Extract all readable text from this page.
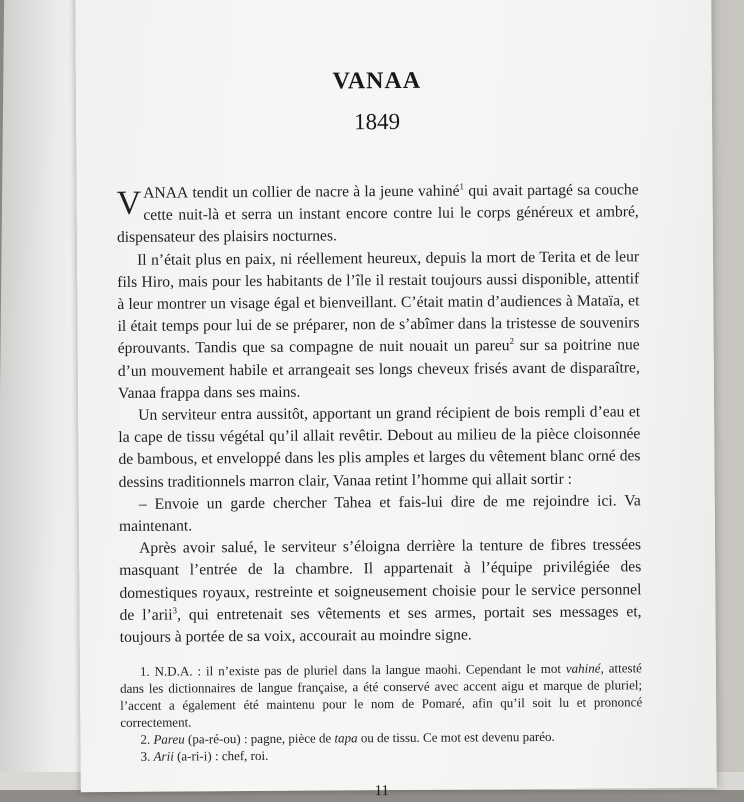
VANAA
1849

VANAA tendit un collier de nacre à la jeune vahiné$^1$ qui avait partagé sa couche cette nuit-là et serra un instant encore contre lui le corps généreux et ambré, dispensateur des plaisirs nocturnes.

Il n’était plus en paix, ni réellement heureux, depuis la mort de Terita et de leur fils Hiro, mais pour les habitants de l’île il restait toujours aussi disponible, attentif à leur montrer un visage égal et bienveillant. C’était matin d’audiences à Mataïa, et il était temps pour lui de se préparer, non de s’abîmer dans la tristesse de souvenirs éprouvants. Tandis que sa compagne de nuit nouait un pareu$^2$ sur sa poitrine nue d’un mouvement habile et arrangeait ses longs cheveux frisés avant de disparaître, Vanaa frappa dans ses mains.

Un serviteur entra aussitôt, apportant un grand récipient de bois rempli d’eau et la cape de tissu végétal qu’il allait revêtir. Debout au milieu de la pièce cloisonnée de bambous, et enveloppé dans les plis amples et larges du vêtement blanc orné des dessins traditionnels marron clair, Vanaa retint l’homme qui allait sortir :

– Envoie un garde chercher Tahea et fais-lui dire de me rejoindre ici. Va maintenant.

Après avoir salué, le serviteur s’éloigna derrière la tenture de fibres tressées masquant l’entrée de la chambre. Il appartenait à l’équipe privilégiée des domestiques royaux, restreinte et soigneusement choisie pour le service personnel de l’arii$^3$, qui entretenait ses vêtements et ses armes, portait ses messages et, toujours à portée de sa voix, accourait au moindre signe.

1. N.D.A. : il n’existe pas de pluriel dans la langue maohi. Cependant le mot vahiné, attesté dans les dictionnaires de langue française, a été conservé avec accent aigu et marque de pluriel; l’accent a également été maintenu pour le nom de Pomaré, afin qu’il soit lu et prononcé correctement.

2. Pareu (pa-ré-ou) : pagne, pièce de tapa ou de tissu. Ce mot est devenu paréo.

3. Arii (a-ri-i) : chef, roi.

11
